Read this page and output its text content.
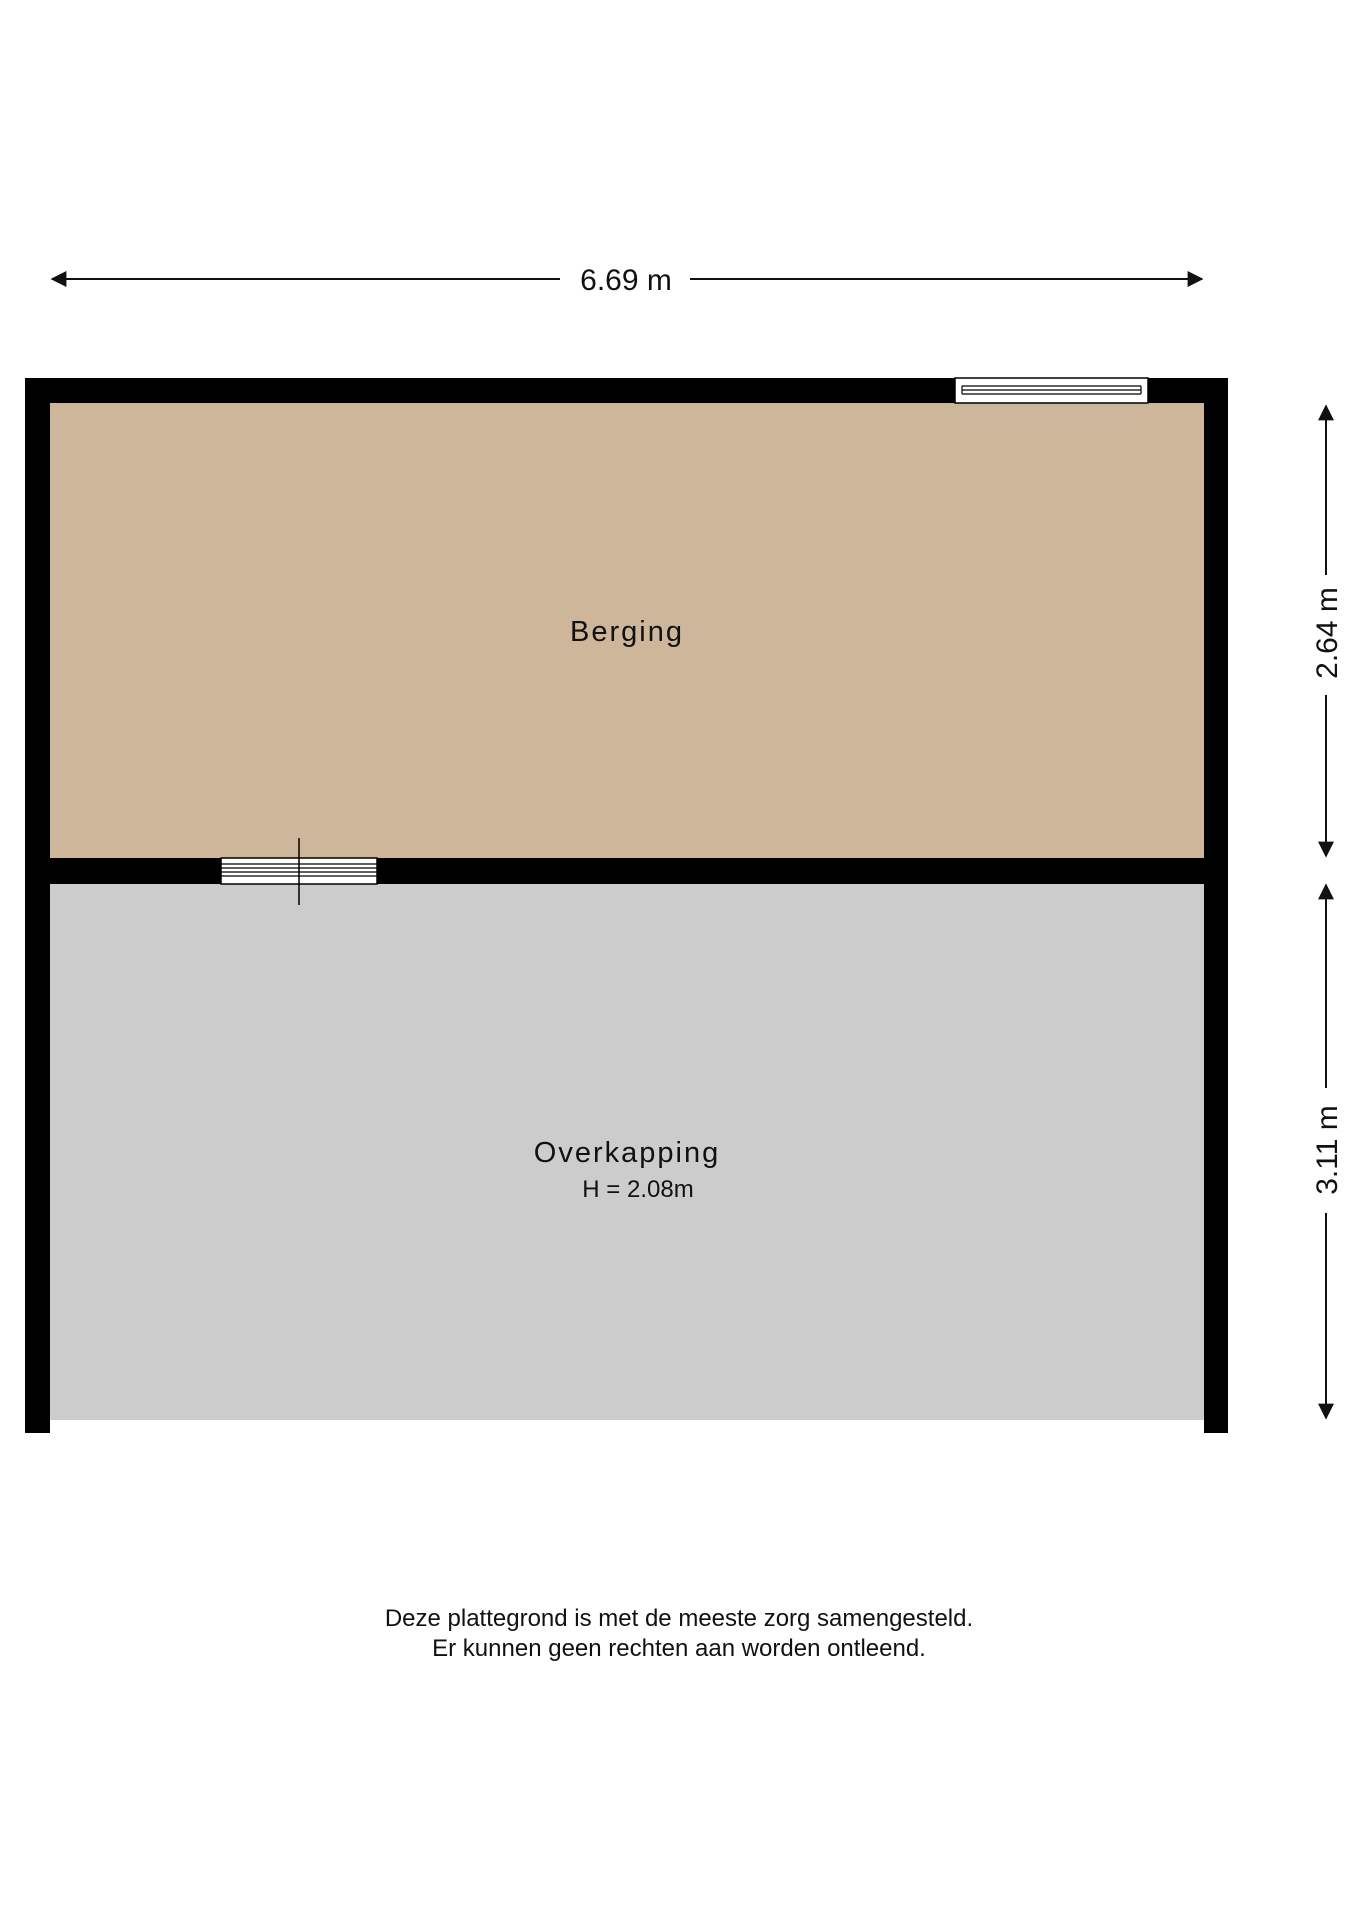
6.69 m
2.64 m
3.11 m
Berging
Overkapping
H = 2.08m
Deze plattegrond is met de meeste zorg samengesteld.
Er kunnen geen rechten aan worden ontleend.
